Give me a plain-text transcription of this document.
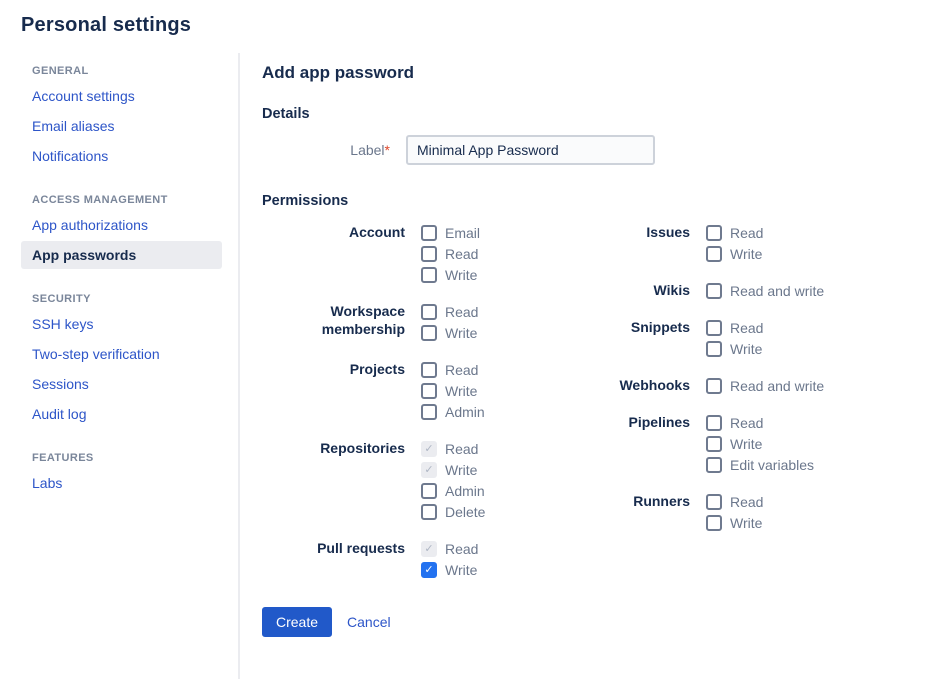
Personal settings
GENERAL
Account settings
Email aliases
Notifications
ACCESS MANAGEMENT
App authorizations
App passwords
SECURITY
SSH keys
Two-step verification
Sessions
Audit log
FEATURES
Labs
Add app password
Details
Label*
Minimal App Password
Permissions
Account	Email
Read
Write
Workspace membership
Read
Write
Projects	Read
Write
Admin
Repositories	✓ Read
✓ Write
Admin
Delete
Pull requests	✓ Read
✓ Write
Issues	Read
Write
Wikis	Read and write
Snippets	Read
Write
Webhooks	Read and write
Pipelines	Read
Write
Edit variables
Runners	Read
Write
Create	Cancel
